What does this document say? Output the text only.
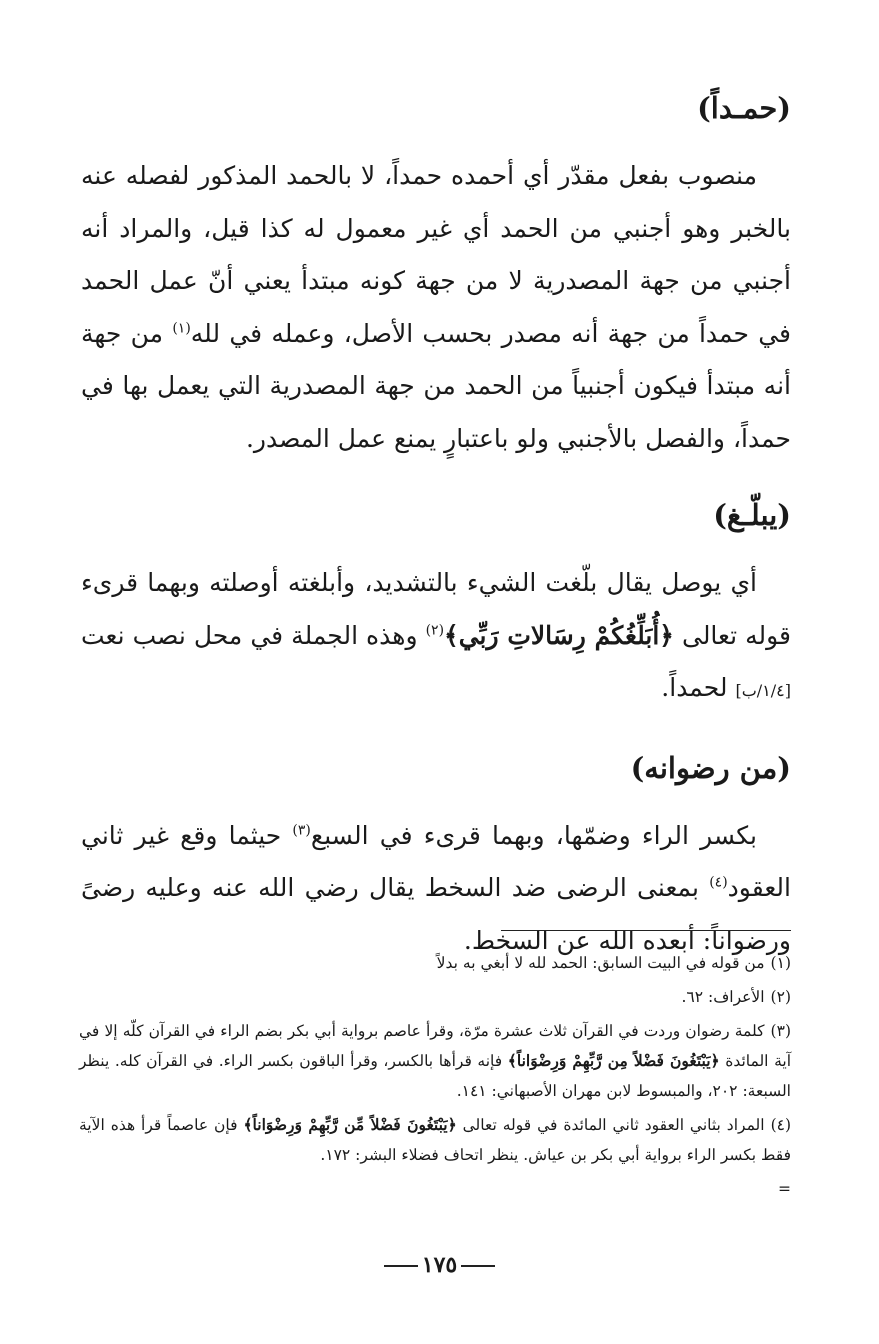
(حمـداً)

منصوب بفعل مقدّر أي أحمده حمداً، لا بالحمد المذكور لفصله عنه بالخبر وهو أجنبي من الحمد أي غير معمول له كذا قيل، والمراد أنه أجنبي من جهة المصدرية لا من جهة كونه مبتدأ يعني أنّ عمل الحمد في حمداً من جهة أنه مصدر بحسب الأصل، وعمله في لله$^{(١)}$ من جهة أنه مبتدأ فيكون أجنبياً من الحمد من جهة المصدرية التي يعمل بها في حمداً، والفصل بالأجنبي ولو باعتبارٍ يمنع عمل المصدر.

(يبلّـغ)

أي يوصل يقال بلّغت الشيء بالتشديد، وأبلغته أوصلته وبهما قرىء قوله تعالى ﴿أُبَلِّغُكُمْ رِسَالاتِ رَبِّي﴾$^{(٢)}$ وهذه الجملة في محل نصب نعت [١/٤/ب] لحمداً.

(من رضوانه)

بكسر الراء وضمّها، وبهما قرىء في السبع$^{(٣)}$ حيثما وقع غير ثاني العقود$^{(٤)}$ بمعنى الرضى ضد السخط يقال رضي الله عنه وعليه رضىً ورضواناً: أبعده الله عن السخط.

(١)من قوله في البيت السابق: الحمد لله لا أبغي به بدلاً

(٢)الأعراف: ٦٢.

(٣)كلمة رضوان وردت في القرآن ثلاث عشرة مرّة، وقرأ عاصم برواية أبي بكر بضم الراء في القرآن كلّه إلا في آية المائدة ﴿يَبْتَغُونَ فَضْلاً مِن رَّبِّهِمْ وَرِضْوَاناً﴾ فإنه قرأها بالكسر، وقرأ الباقون بكسر الراء. في القرآن كله. ينظر السبعة: ٢٠٢، والمبسوط لابن مهران الأصبهاني: ١٤١.

(٤)المراد بثاني العقود ثاني المائدة في قوله تعالى ﴿يَبْتَغُونَ فَضْلاً مِّن رَّبِّهِمْ وَرِضْوَاناً﴾ فإن عاصماً قرأ هذه الآية فقط بكسر الراء برواية أبي بكر بن عياش. ينظر اتحاف فضلاء البشر: ١٧٢.

=
١٧٥
